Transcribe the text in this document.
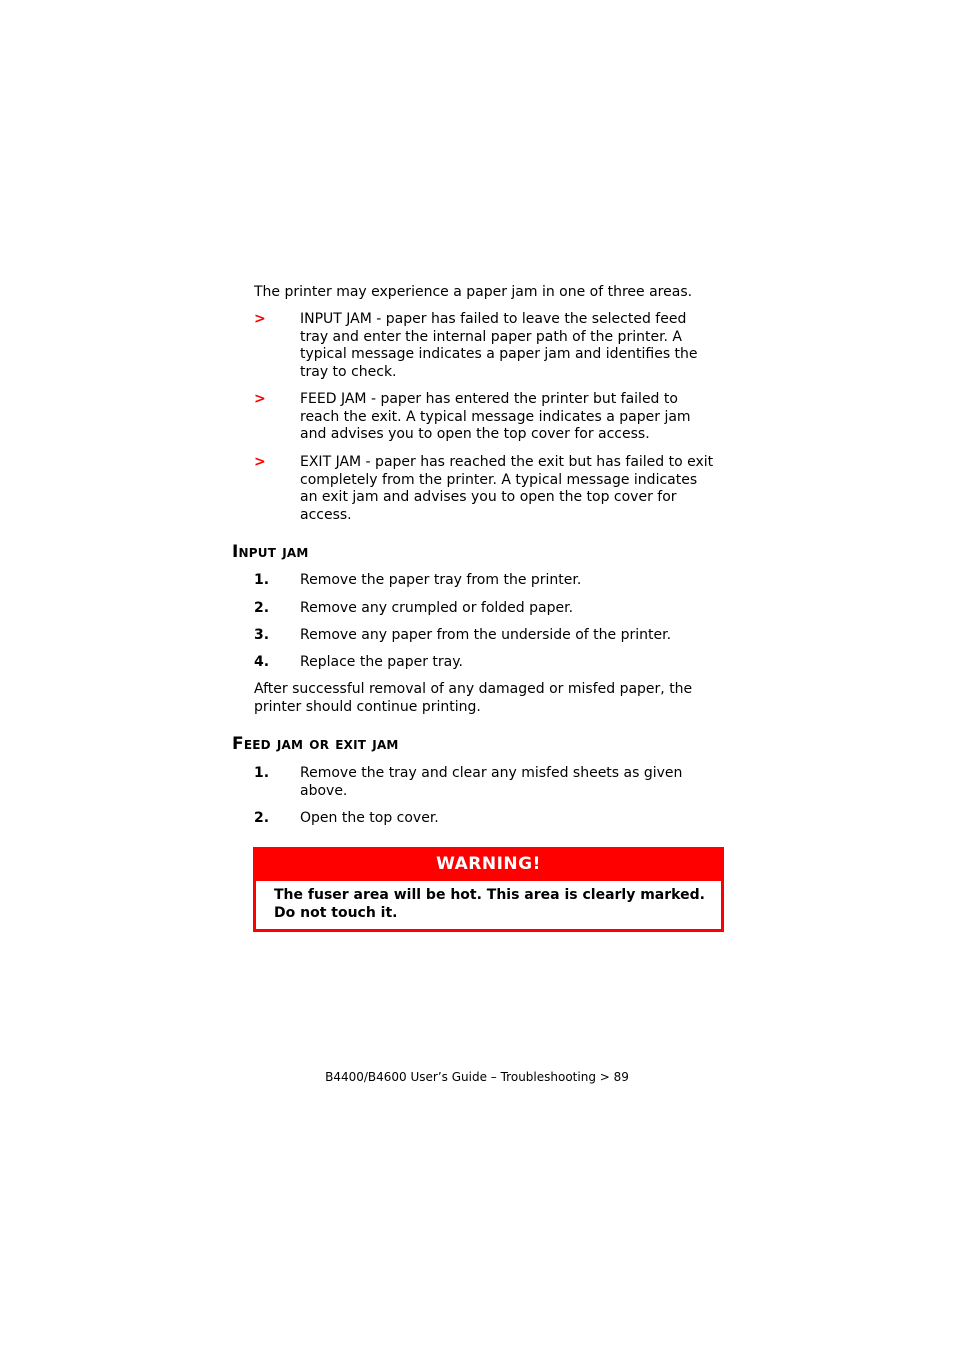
The printer may experience a paper jam in one of three areas.
>	INPUT JAM - paper has failed to leave the selected feed tray and enter the internal paper path of the printer. A typical message indicates a paper jam and identifies the tray to check.
>	FEED JAM - paper has entered the printer but failed to reach the exit. A typical message indicates a paper jam and advises you to open the top cover for access.
>	EXIT JAM - paper has reached the exit but has failed to exit completely from the printer. A typical message indicates an exit jam and advises you to open the top cover for access.
Input jam
1.	Remove the paper tray from the printer.
2.	Remove any crumpled or folded paper.
3.	Remove any paper from the underside of the printer.
4.	Replace the paper tray.
After successful removal of any damaged or misfed paper, the printer should continue printing.
Feed jam or exit jam
1.	Remove the tray and clear any misfed sheets as given above.
2.	Open the top cover.
WARNING!
The fuser area will be hot. This area is clearly marked. Do not touch it.
B4400/B4600 User’s Guide – Troubleshooting > 89
